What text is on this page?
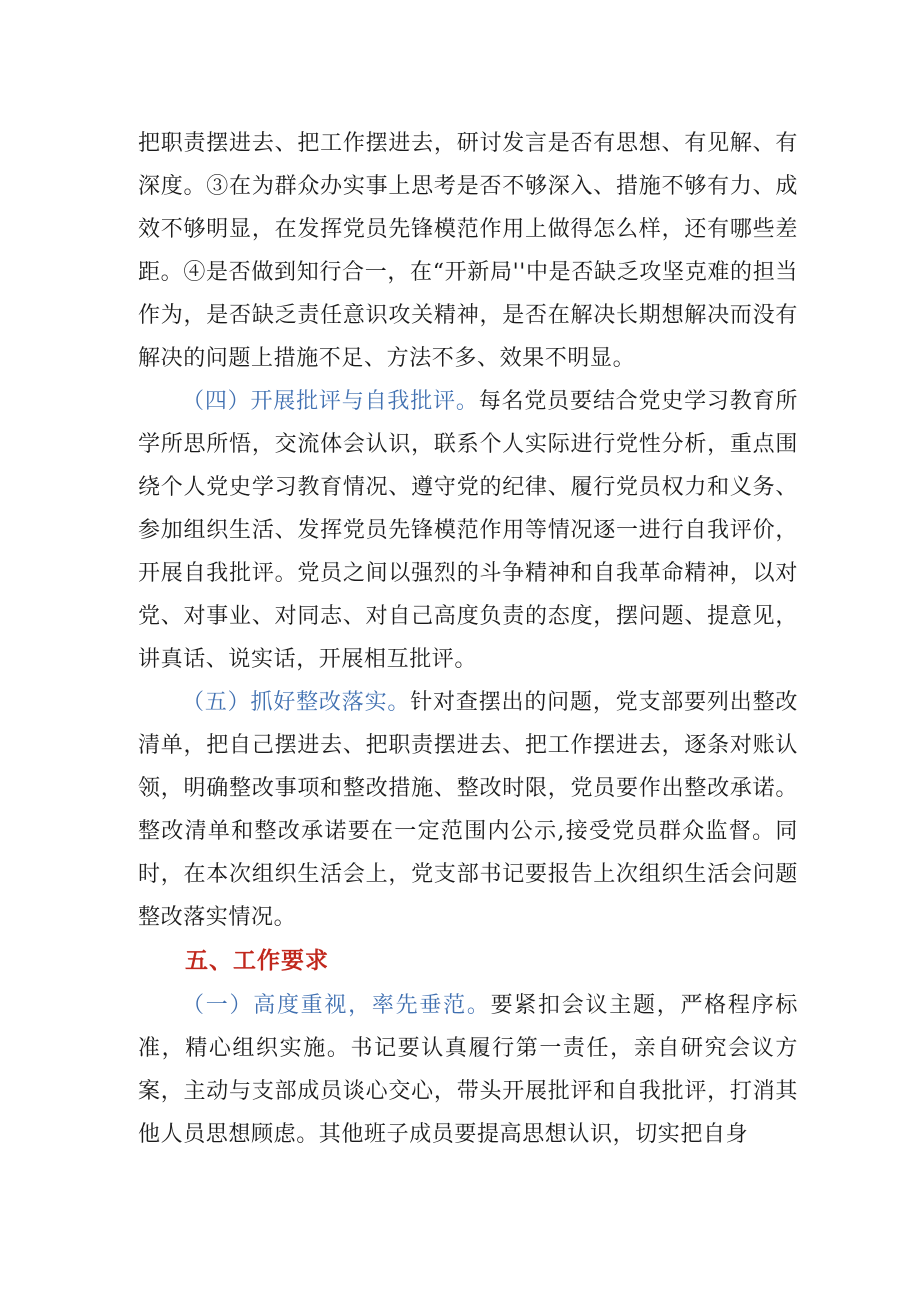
把职责摆进去、把工作摆进去，研讨发言是否有思想、有见解、有深度。③在为群众办实事上思考是否不够深入、措施不够有力、成效不够明显，在发挥党员先锋模范作用上做得怎么样，还有哪些差距。④是否做到知行合一，在“开新局''中是否缺乏攻坚克难的担当作为，是否缺乏责任意识攻关精神，是否在解决长期想解决而没有解决的问题上措施不足、方法不多、效果不明显。

（四）开展批评与自我批评。每名党员要结合党史学习教育所学所思所悟，交流体会认识，联系个人实际进行党性分析，重点围绕个人党史学习教育情况、遵守党的纪律、履行党员权力和义务、参加组织生活、发挥党员先锋模范作用等情况逐一进行自我评价，开展自我批评。党员之间以强烈的斗争精神和自我革命精神，以对党、对事业、对同志、对自己高度负责的态度，摆问题、提意见，讲真话、说实话，开展相互批评。

（五）抓好整改落实。针对查摆出的问题，党支部要列出整改清单，把自己摆进去、把职责摆进去、把工作摆进去，逐条对账认领，明确整改事项和整改措施、整改时限，党员要作出整改承诺。整改清单和整改承诺要在一定范围内公示,接受党员群众监督。同时，在本次组织生活会上，党支部书记要报告上次组织生活会问题整改落实情况。

五、工作要求

（一）高度重视，率先垂范。要紧扣会议主题，严格程序标准，精心组织实施。书记要认真履行第一责任，亲自研究会议方案，主动与支部成员谈心交心，带头开展批评和自我批评，打消其他人员思想顾虑。其他班子成员要提高思想认识，切实把自身
